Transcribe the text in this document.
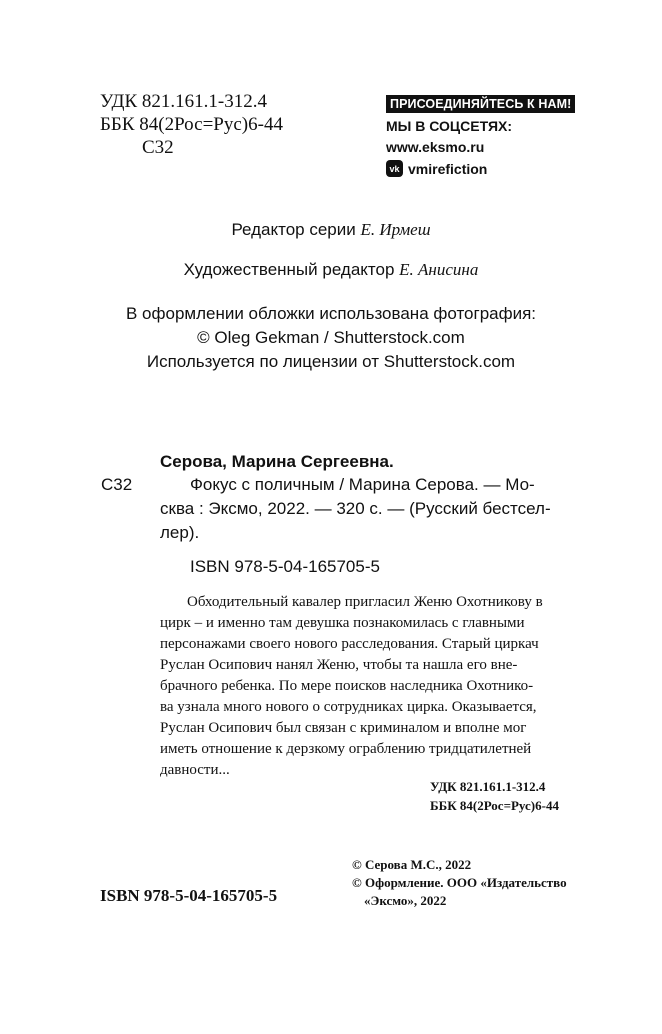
УДК 821.161.1-312.4
ББК 84(2Рос=Рус)6-44
С32
ПРИСОЕДИНЯЙТЕСЬ К НАМ!
МЫ В СОЦСЕТЯХ:
www.eksmo.ru
vk vmirefiction
Редактор серии Е. Ирмеш
Художественный редактор Е. Анисина
В оформлении обложки использована фотография:
© Oleg Gekman / Shutterstock.com
Используется по лицензии от Shutterstock.com
Серова, Марина Сергеевна.
С32	Фокус с поличным / Марина Серова. — Мо-
сква : Эксмо, 2022. — 320 с. — (Русский бестсел-
лер).
ISBN 978-5-04-165705-5
Обходительный кавалер пригласил Женю Охотникову в
цирк – и именно там девушка познакомилась с главными
персонажами своего нового расследования. Старый циркач
Руслан Осипович нанял Женю, чтобы та нашла его вне-
брачного ребенка. По мере поисков наследника Охотнико-
ва узнала много нового о сотрудниках цирка. Оказывается,
Руслан Осипович был связан с криминалом и вполне мог
иметь отношение к дерзкому ограблению тридцатилетней
давности...
УДК 821.161.1-312.4
ББК 84(2Рос=Рус)6-44
© Серова М.С., 2022
© Оформление. ООО «Издательство
«Эксмо», 2022
ISBN 978-5-04-165705-5
